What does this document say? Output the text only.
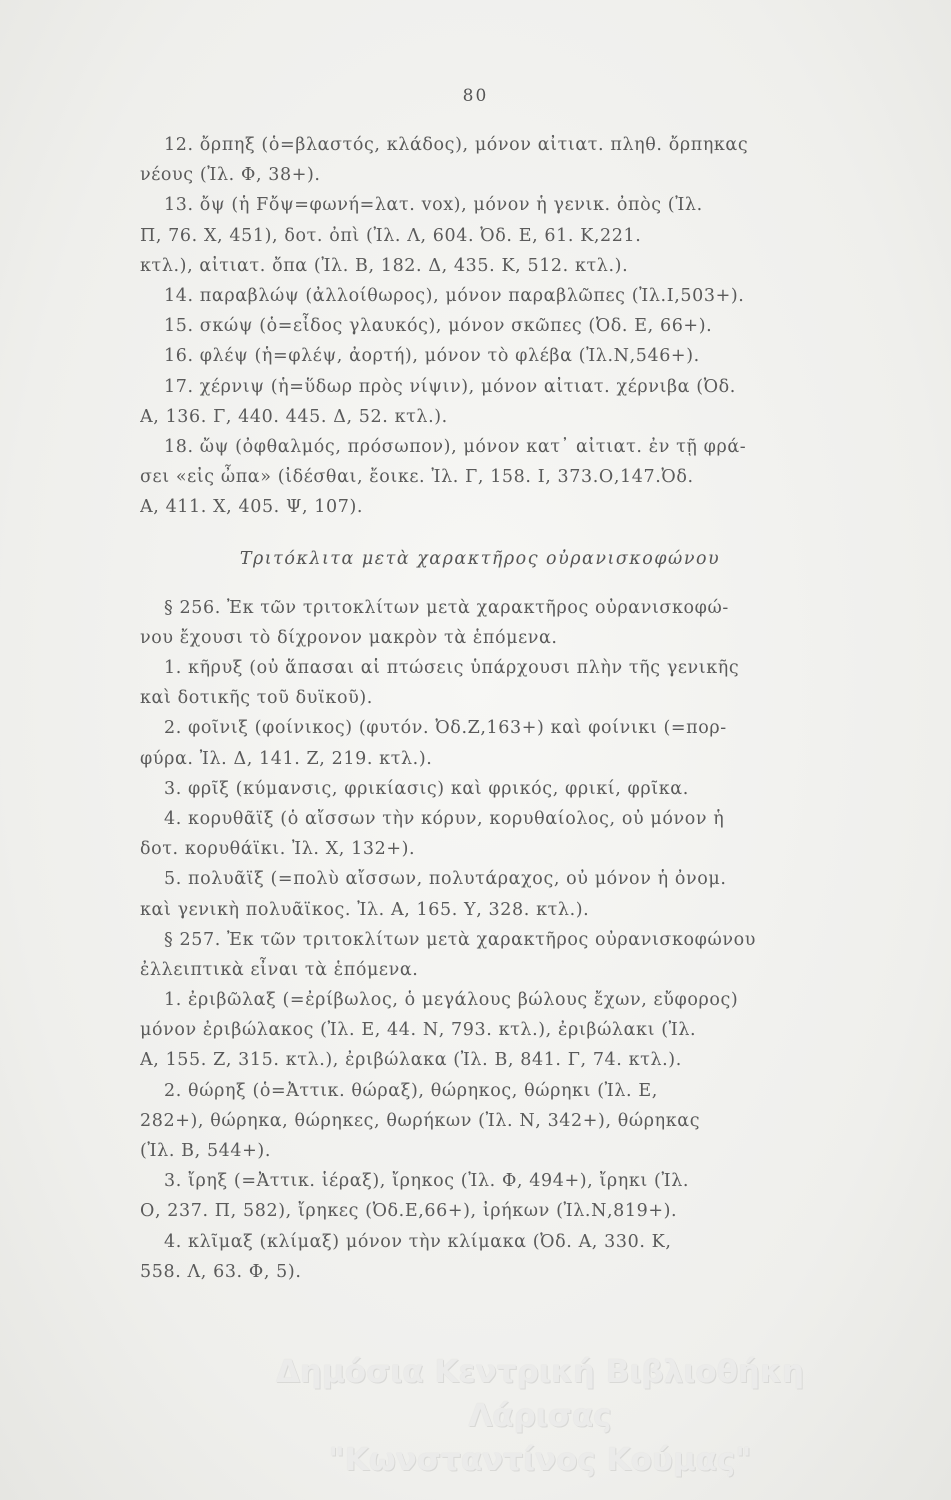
80
12. ὄρπηξ (ὁ=βλαστός, κλάδος), μόνον αἰτιατ. πληθ. ὄρπηκας
νέους (Ἰλ. Φ, 38+).
13. ὄψ (ἡ Fὄψ=φωνή=λατ. vox), μόνον ἡ γενικ. ὀπὸς (Ἰλ.
Π, 76. Χ, 451), δοτ. ὀπὶ (Ἰλ. Λ, 604. Ὀδ. Ε, 61. Κ,221.
κτλ.), αἰτιατ. ὄπα (Ἰλ. Β, 182. Δ, 435. Κ, 512. κτλ.).
14. παραβλώψ (ἀλλοίθωρος), μόνον παραβλῶπες (Ἰλ.Ι,503+).
15. σκώψ (ὁ=εἶδος γλαυκός), μόνον σκῶπες (Ὀδ. Ε, 66+).
16. φλέψ (ἡ=φλέψ, ἀορτή), μόνον τὸ φλέβα (Ἰλ.Ν,546+).
17. χέρνιψ (ἡ=ὕδωρ πρὸς νίψιν), μόνον αἰτιατ. χέρνιβα (Ὀδ.
Α, 136. Γ, 440. 445. Δ, 52. κτλ.).
18. ὤψ (ὀφθαλμός, πρόσωπον), μόνον κατ᾽ αἰτιατ. ἐν τῇ φρά-
σει «εἰς ὦπα» (ἰδέσθαι, ἔοικε. Ἰλ. Γ, 158. Ι, 373.Ο,147.Ὀδ.
Α, 411. Χ, 405. Ψ, 107).
Τριτόκλιτα μετὰ χαρακτῆρος οὐρανισκοφώνου
§ 256. Ἐκ τῶν τριτοκλίτων μετὰ χαρακτῆρος οὐρανισκοφώ-
νου ἔχουσι τὸ δίχρονον μακρὸν τὰ ἑπόμενα.
1. κῆρυξ (οὐ ἅπασαι αἱ πτώσεις ὑπάρχουσι πλὴν τῆς γενικῆς
καὶ δοτικῆς τοῦ δυϊκοῦ).
2. φοῖνιξ (φοίνικος) (φυτόν. Ὀδ.Ζ,163+) καὶ φοίνικι (=πορ-
φύρα. Ἰλ. Δ, 141. Ζ, 219. κτλ.).
3. φρῖξ (κύμανσις, φρικίασις) καὶ φρικός, φρικί, φρῖκα.
4. κορυθᾶϊξ (ὁ αἴσσων τὴν κόρυν, κορυθαίολος, οὐ μόνον ἡ
δοτ. κορυθάϊκι. Ἰλ. Χ, 132+).
5. πολυᾶϊξ (=πολὺ αἴσσων, πολυτάραχος, οὐ μόνον ἡ ὀνομ.
καὶ γενικὴ πολυᾶϊκος. Ἰλ. Α, 165. Υ, 328. κτλ.).
§ 257. Ἐκ τῶν τριτοκλίτων μετὰ χαρακτῆρος οὐρανισκοφώνου
ἐλλειπτικὰ εἶναι τὰ ἑπόμενα.
1. ἐριβῶλαξ (=ἐρίβωλος, ὁ μεγάλους βώλους ἔχων, εὔφορος)
μόνον ἐριβώλακος (Ἰλ. Ε, 44. Ν, 793. κτλ.), ἐριβώλακι (Ἰλ.
Α, 155. Ζ, 315. κτλ.), ἐριβώλακα (Ἰλ. Β, 841. Γ, 74. κτλ.).
2. θώρηξ (ὁ=Ἀττικ. θώραξ), θώρηκος, θώρηκι (Ἰλ. Ε,
282+), θώρηκα, θώρηκες, θωρήκων (Ἰλ. Ν, 342+), θώρηκας
(Ἰλ. Β, 544+).
3. ἴρηξ (=Ἀττικ. ἱέραξ), ἴρηκος (Ἰλ. Φ, 494+), ἴρηκι (Ἰλ.
Ο, 237. Π, 582), ἴρηκες (Ὀδ.Ε,66+), ἰρήκων (Ἰλ.Ν,819+).
4. κλῖμαξ (κλίμαξ) μόνον τὴν κλίμακα (Ὀδ. Α, 330. Κ,
558. Λ, 63. Φ, 5).
Δημόσια Κεντρική Βιβλιοθήκη Λάρισας
"Κωνσταντίνος Κούμας"
